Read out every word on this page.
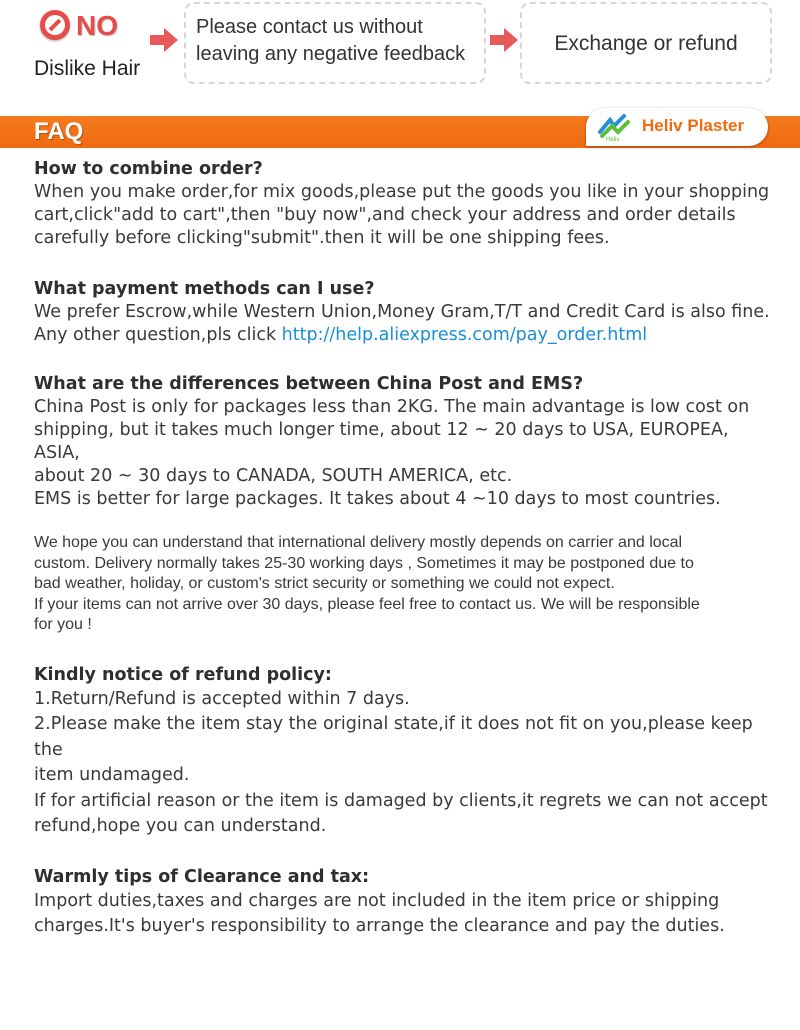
NO
Dislike Hair
Please contact us without
leaving any negative feedback	Exchange or refund
FAQ	Heliv
Heliv Plaster
How to combine order?
When you make order,for mix goods,please put the goods you like in your shopping
cart,click"add to cart",then "buy now",and check your address and order details
carefully before clicking"submit".then it will be one shipping fees.
What payment methods can I use?
We prefer Escrow,while Western Union,Money Gram,T/T and Credit Card is also fine.
Any other question,pls click http://help.aliexpress.com/pay_order.html
What are the differences between China Post and EMS?
China Post is only for packages less than 2KG. The main advantage is low cost on
shipping, but it takes much longer time, about 12 ~ 20 days to USA, EUROPEA, ASIA,
about 20 ~ 30 days to CANADA, SOUTH AMERICA, etc.
EMS is better for large packages. It takes about 4 ~10 days to most countries.
We hope you can understand that international delivery mostly depends on carrier and local
custom. Delivery normally takes 25-30 working days , Sometimes it may be postponed due to
bad weather, holiday, or custom's strict security or something we could not expect.
If your items can not arrive over 30 days, please feel free to contact us. We will be responsible
for you !
Kindly notice of refund policy:
1.Return/Refund is accepted within 7 days.
2.Please make the item stay the original state,if it does not fit on you,please keep the
item undamaged.
If for artificial reason or the item is damaged by clients,it regrets we can not accept
refund,hope you can understand.
Warmly tips of Clearance and tax:
Import duties,taxes and charges are not included in the item price or shipping
charges.It's buyer's responsibility to arrange the clearance and pay the duties.
